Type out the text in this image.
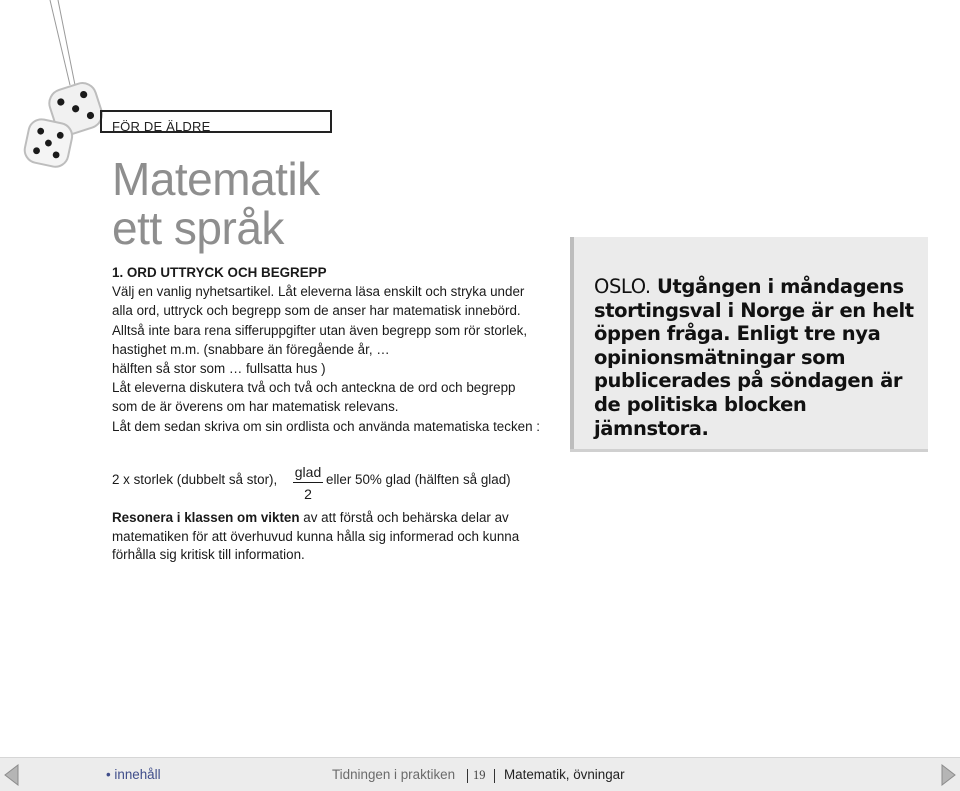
FÖR DE ÄLDRE
Matematik
ett språk

1. ORD UTTRYCK OCH BEGREPP

Välj en vanlig nyhetsartikel. Låt eleverna läsa enskilt och stryka under alla ord, uttryck och begrepp som de anser har matematisk innebörd. Alltså inte bara rena sifferuppgifter utan även begrepp som rör storlek, hastighet m.m. (snabbare än föregående år, …

hälften så stor som … fullsatta hus )

Låt eleverna diskutera två och två och anteckna de ord och begrepp som de är överens om har matematisk relevans.

Låt dem sedan skriva om sin ordlista och använda matematiska tecken :

2 x storlek (dubbelt så stor), glad
2
eller 50% glad (hälften så glad)
Resonera i klassen om vikten av att förstå och behärska delar av matematiken för att överhuvud kunna hålla sig informerad och kunna förhålla sig kritisk till information.
OSLO. Utgången i måndagens stortingsval i Norge är en helt öppen fråga. Enligt tre nya opinionsmätningar som publicerades på söndagen är de politiska blocken jämnstora.
• innehåll	Tidningen i praktiken 19 Matematik, övningar
